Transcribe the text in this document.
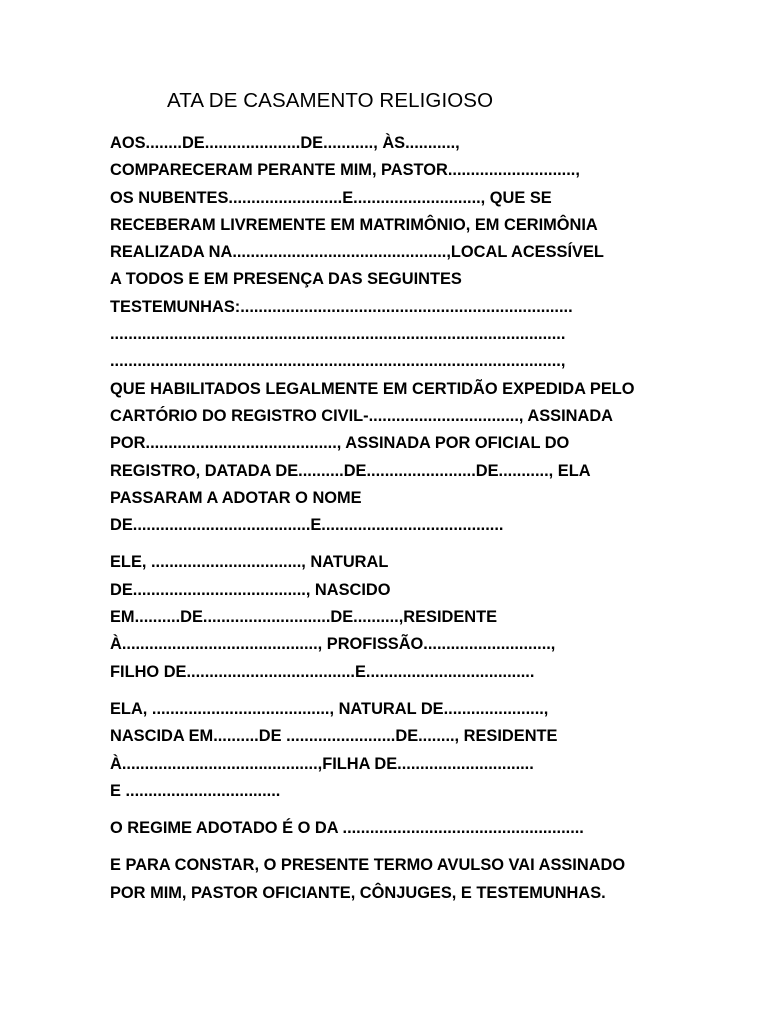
ATA DE CASAMENTO RELIGIOSO
AOS........DE.....................DE..........., ÀS...........,
COMPARECERAM PERANTE MIM, PASTOR............................,
OS NUBENTES.........................E............................, QUE SE
RECEBERAM LIVREMENTE EM MATRIMÔNIO, EM CERIMÔNIA
REALIZADA NA...............................................,LOCAL ACESSÍVEL
A TODOS E EM PRESENÇA DAS SEGUINTES
TESTEMUNHAS:.........................................................................
....................................................................................................
...................................................................................................,
QUE HABILITADOS LEGALMENTE EM CERTIDÃO EXPEDIDA PELO
CARTÓRIO DO REGISTRO CIVIL-................................., ASSINADA
POR.........................................., ASSINADA POR OFICIAL DO
REGISTRO, DATADA DE..........DE........................DE..........., ELA
PASSARAM A ADOTAR O NOME
DE.......................................E........................................
ELE, ................................., NATURAL
DE......................................, NASCIDO
EM..........DE............................DE..........,RESIDENTE
À..........................................., PROFISSÃO............................,
FILHO DE.....................................E.....................................
ELA, ......................................., NATURAL DE......................,
NASCIDA EM..........DE ........................DE........, RESIDENTE
À...........................................,FILHA DE..............................
E ..................................
O REGIME ADOTADO É O DA .....................................................
E PARA CONSTAR, O PRESENTE TERMO AVULSO VAI ASSINADO
POR MIM, PASTOR OFICIANTE, CÔNJUGES, E TESTEMUNHAS.
